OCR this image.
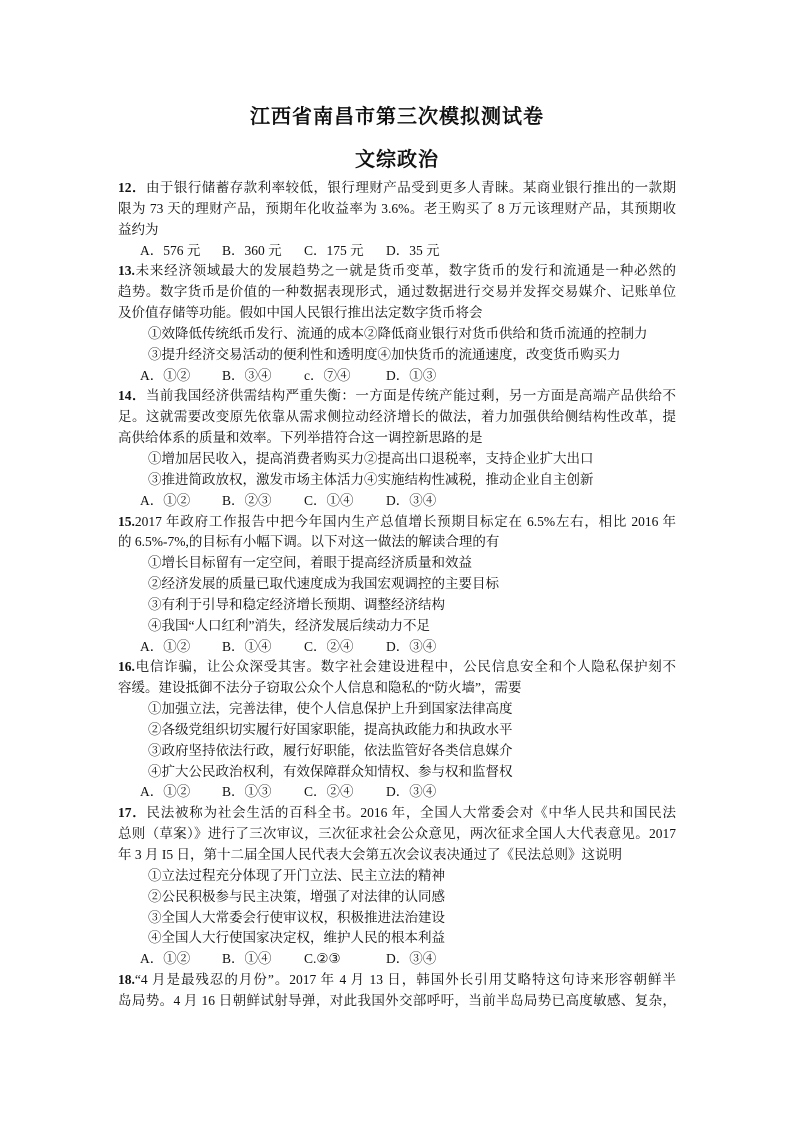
江西省南昌市第三次模拟测试卷
文综政治
12．由于银行储蓄存款利率较低，银行理财产品受到更多人青睐。某商业银行推出的一款期
限为 73 天的理财产品，预期年化收益率为 3.6%。老王购买了 8 万元该理财产品，其预期收
益约为
A．576 元	B．360 元	C．175 元	D．35 元
13.未来经济领域最大的发展趋势之一就是货币变革，数字货币的发行和流通是一种必然的
趋势。数字货币是价值的一种数据表现形式，通过数据进行交易并发挥交易媒介、记账单位
及价值存储等功能。假如中国人民银行推出法定数字货币将会
①效降低传统纸币发行、流通的成本②降低商业银行对货币供给和货币流通的控制力
③提升经济交易活动的便利性和透明度④加快货币的流通速度，改变货币购买力
A．①②	B．③④	c．⑦④	D．①③
14．当前我国经济供需结构严重失衡：一方面是传统产能过剩，另一方面是高端产品供给不
足。这就需要改变原先依靠从需求侧拉动经济增长的做法，着力加强供给侧结构性改革，提
高供给体系的质量和效率。下列举措符合这一调控新思路的是
①增加居民收入，提高消费者购买力②提高出口退税率，支持企业扩大出口
③推进简政放权，激发市场主体活力④实施结构性减税，推动企业自主创新
A．①②	B．②③	C．①④	D．③④
15.2017 年政府工作报告中把今年国内生产总值增长预期目标定在 6.5%左右，相比 2016 年
的 6.5%-7%,的目标有小幅下调。以下对这一做法的解读合理的有
①增长目标留有一定空间，着眼于提高经济质量和效益
②经济发展的质量已取代速度成为我国宏观调控的主要目标
③有利于引导和稳定经济增长预期、调整经济结构
④我国“人口红利”消失，经济发展后续动力不足
A．①②	B．①④	C．②④	D．③④
16.电信诈骗，让公众深受其害。数字社会建设进程中，公民信息安全和个人隐私保护刻不
容缓。建设抵御不法分子窃取公众个人信息和隐私的“防火墙”，需要
①加强立法，完善法律，使个人信息保护上升到国家法律高度
②各级党组织切实履行好国家职能，提高执政能力和执政水平
③政府坚持依法行政，履行好职能，依法监管好各类信息媒介
④扩大公民政治权利，有效保障群众知情权、参与权和监督权
A．①②	B．①③	C．②④	D．③④
17．民法被称为社会生活的百科全书。2016 年，全国人大常委会对《中华人民共和国民法
总则（草案）》进行了三次审议，三次征求社会公众意见，两次征求全国人大代表意见。2017
年 3 月 I5 日，第十二届全国人民代表大会第五次会议表决通过了《民法总则》这说明
①立法过程充分体现了开门立法、民主立法的精神
②公民积极参与民主决策，增强了对法律的认同感
③全国人大常委会行使审议权，积极推进法治建设
④全国人大行使国家决定权，维护人民的根本利益
A．①②	B．①④	C.②③	D．③④
18.“4 月是最残忍的月份”。2017 年 4 月 13 日，韩国外长引用艾略特这句诗来形容朝鲜半
岛局势。4 月 16 日朝鲜试射导弹，对此我国外交部呼吁，当前半岛局势已高度敏感、复杂，
